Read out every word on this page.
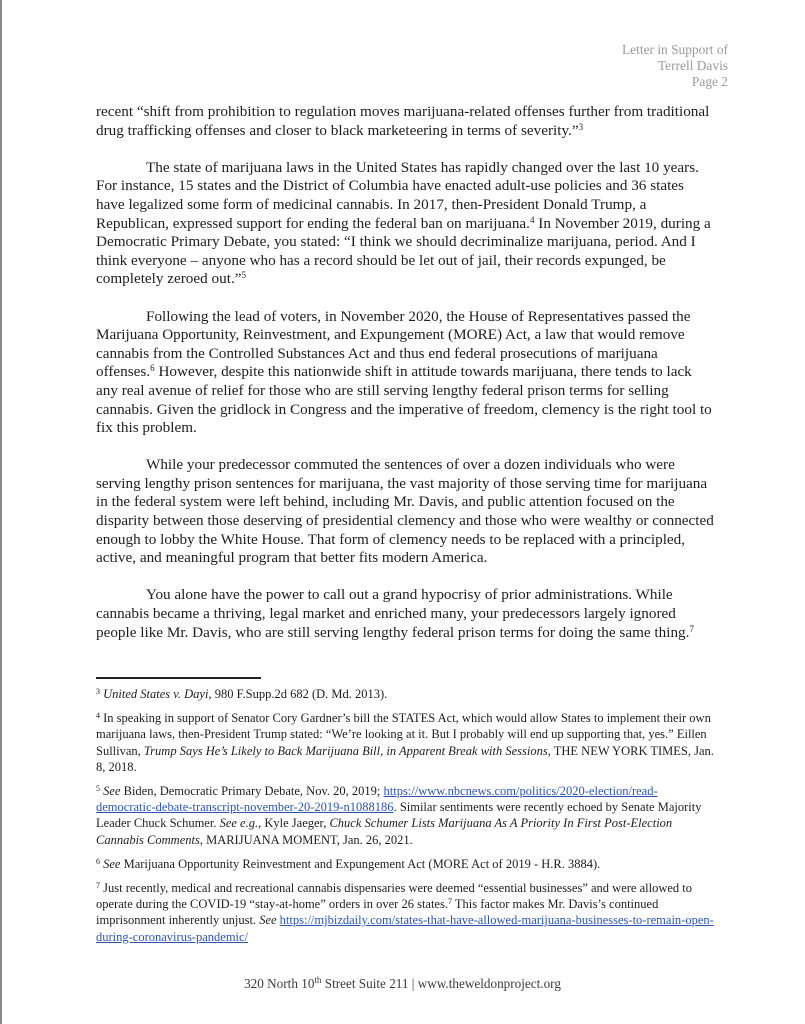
Letter in Support of
Terrell Davis
Page 2

recent “shift from prohibition to regulation moves marijuana-related offenses further from traditional drug trafficking offenses and closer to black marketeering in terms of severity.”$^3$

The state of marijuana laws in the United States has rapidly changed over the last 10 years. For instance, 15 states and the District of Columbia have enacted adult-use policies and 36 states have legalized some form of medicinal cannabis. In 2017, then-President Donald Trump, a Republican, expressed support for ending the federal ban on marijuana.$^4$ In November 2019, during a Democratic Primary Debate, you stated: “I think we should decriminalize marijuana, period. And I think everyone – anyone who has a record should be let out of jail, their records expunged, be completely zeroed out.”$^5$

Following the lead of voters, in November 2020, the House of Representatives passed the Marijuana Opportunity, Reinvestment, and Expungement (MORE) Act, a law that would remove cannabis from the Controlled Substances Act and thus end federal prosecutions of marijuana offenses.$^6$ However, despite this nationwide shift in attitude towards marijuana, there tends to lack any real avenue of relief for those who are still serving lengthy federal prison terms for selling cannabis. Given the gridlock in Congress and the imperative of freedom, clemency is the right tool to fix this problem.

While your predecessor commuted the sentences of over a dozen individuals who were serving lengthy prison sentences for marijuana, the vast majority of those serving time for marijuana in the federal system were left behind, including Mr. Davis, and public attention focused on the disparity between those deserving of presidential clemency and those who were wealthy or connected enough to lobby the White House. That form of clemency needs to be replaced with a principled, active, and meaningful program that better fits modern America.

You alone have the power to call out a grand hypocrisy of prior administrations. While cannabis became a thriving, legal market and enriched many, your predecessors largely ignored people like Mr. Davis, who are still serving lengthy federal prison terms for doing the same thing.$^7$

$^3$ United States v. Dayi, 980 F.Supp.2d 682 (D. Md. 2013).

$^4$ In speaking in support of Senator Cory Gardner’s bill the STATES Act, which would allow States to implement their own marijuana laws, then-President Trump stated: “We’re looking at it. But I probably will end up supporting that, yes.” Eillen Sullivan, Trump Says He’s Likely to Back Marijuana Bill, in Apparent Break with Sessions, THE NEW YORK TIMES, Jan. 8, 2018.

$^5$ See Biden, Democratic Primary Debate, Nov. 20, 2019; https://www.nbcnews.com/politics/2020-election/read- democratic-debate-transcript-november-20-2019-n1088186. Similar sentiments were recently echoed by Senate Majority Leader Chuck Schumer. See e.g., Kyle Jaeger, Chuck Schumer Lists Marijuana As A Priority In First Post-Election Cannabis Comments, MARIJUANA MOMENT, Jan. 26, 2021.

$^6$ See Marijuana Opportunity Reinvestment and Expungement Act (MORE Act of 2019 - H.R. 3884).

$^7$ Just recently, medical and recreational cannabis dispensaries were deemed “essential businesses” and were allowed to operate during the COVID-19 “stay-at-home” orders in over 26 states.$^7$ This factor makes Mr. Davis’s continued imprisonment inherently unjust. See https://mjbizdaily.com/states-that-have-allowed-marijuana-businesses-to-remain-open-during-coronavirus-pandemic/

320 North 10th Street Suite 211 | www.theweldonproject.org
